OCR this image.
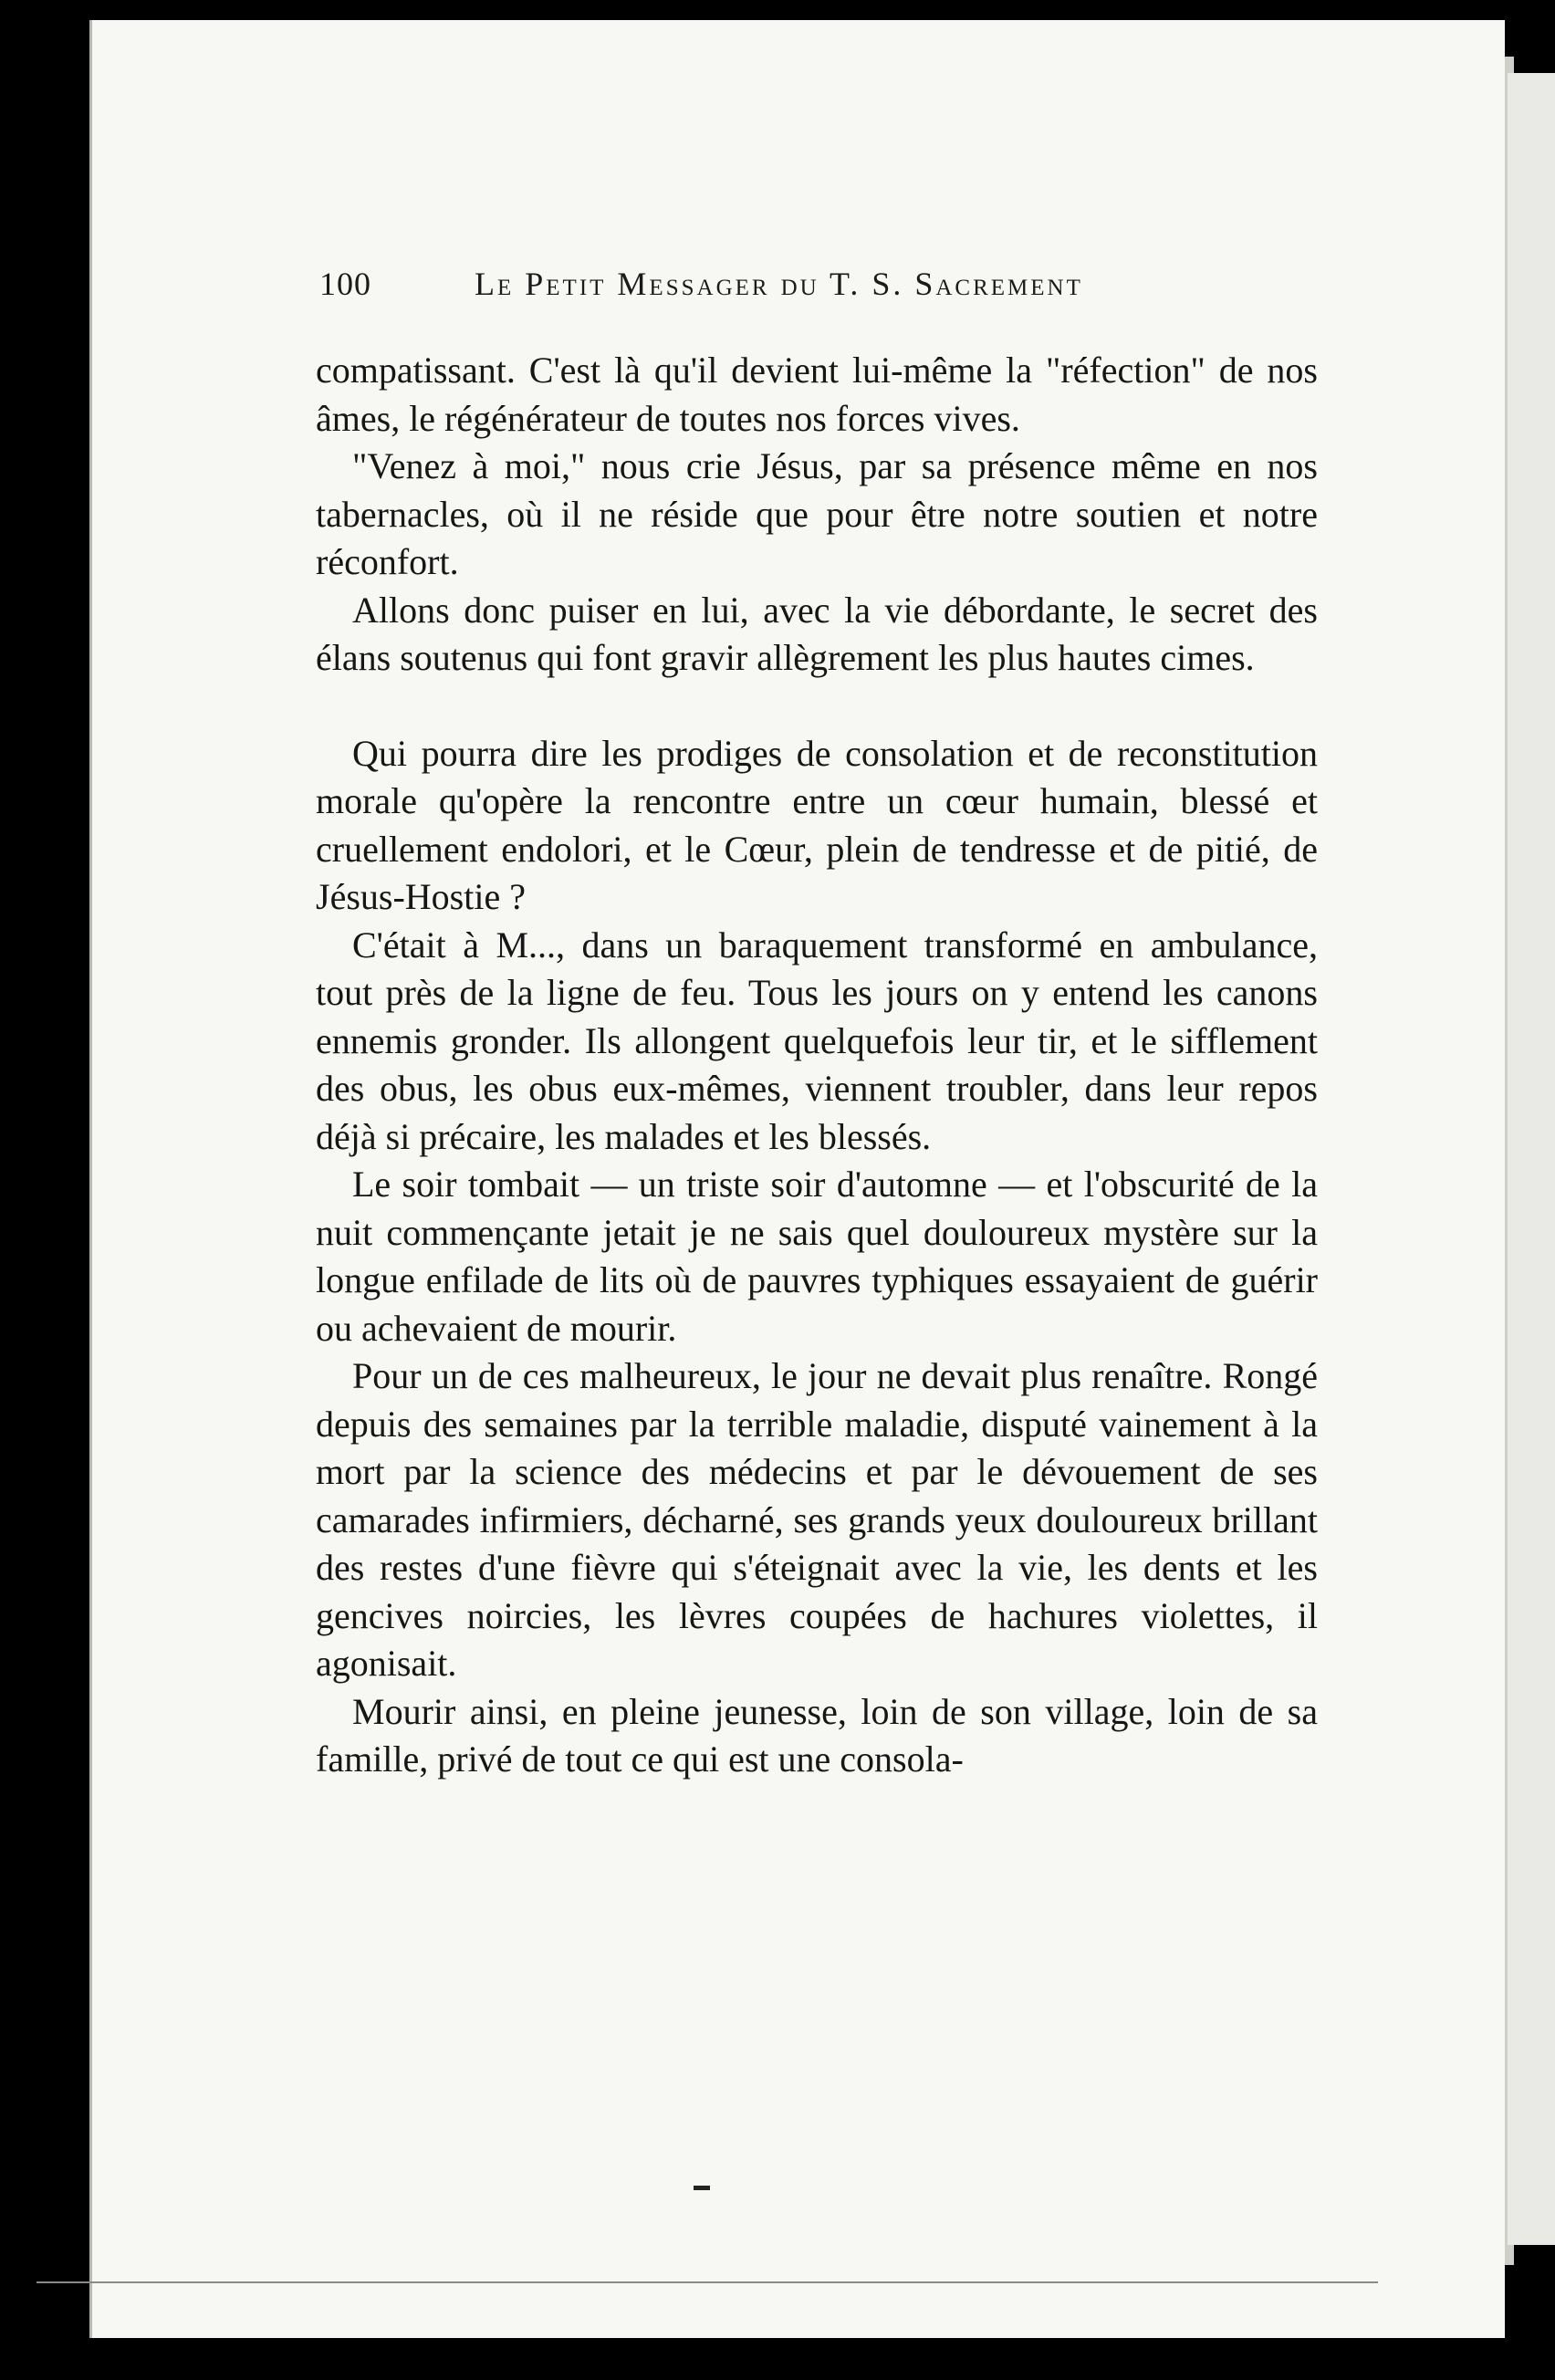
100	Le Petit Messager du T. S. Sacrement

compatissant. C'est là qu'il devient lui-même la "réfection" de nos âmes, le régénérateur de toutes nos forces vives.

"Venez à moi," nous crie Jésus, par sa présence même en nos tabernacles, où il ne réside que pour être notre soutien et notre réconfort.

Allons donc puiser en lui, avec la vie débordante, le secret des élans soutenus qui font gravir allègrement les plus hautes cimes.

Qui pourra dire les prodiges de consolation et de reconstitution morale qu'opère la rencontre entre un cœur humain, blessé et cruellement endolori, et le Cœur, plein de tendresse et de pitié, de Jésus-Hostie ?

C'était à M..., dans un baraquement transformé en ambulance, tout près de la ligne de feu. Tous les jours on y entend les canons ennemis gronder. Ils allongent quelquefois leur tir, et le sifflement des obus, les obus eux-mêmes, viennent troubler, dans leur repos déjà si précaire, les malades et les blessés.

Le soir tombait — un triste soir d'automne — et l'obscurité de la nuit commençante jetait je ne sais quel douloureux mystère sur la longue enfilade de lits où de pauvres typhiques essayaient de guérir ou achevaient de mourir.

Pour un de ces malheureux, le jour ne devait plus renaître. Rongé depuis des semaines par la terrible maladie, disputé vainement à la mort par la science des médecins et par le dévouement de ses camarades infirmiers, décharné, ses grands yeux douloureux brillant des restes d'une fièvre qui s'éteignait avec la vie, les dents et les gencives noircies, les lèvres coupées de hachures violettes, il agonisait.

Mourir ainsi, en pleine jeunesse, loin de son village, loin de sa famille, privé de tout ce qui est une consola-
